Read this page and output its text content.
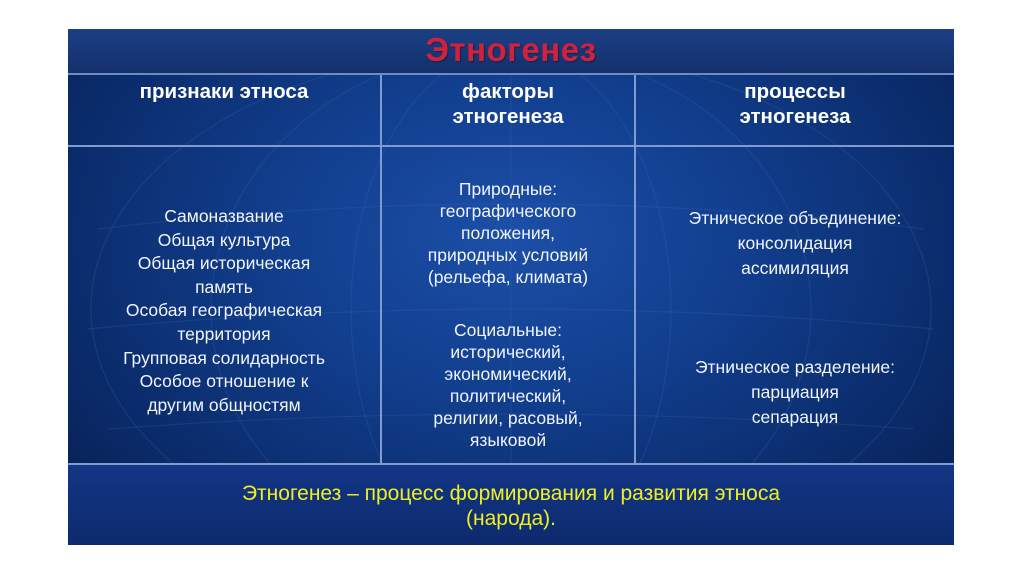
Этногенез
признаки этноса	факторы
этногенеза
процессы
этногенеза
Самоназвание
Общая культура
Общая историческая
память
Особая географическая
территория
Групповая солидарность
Особое отношение к
другим общностям
Природные:
географического
положения,
природных условий
(рельефа, климата)
Социальные:
исторический,
экономический,
политический,
религии, расовый,
языковой
Этническое объединение:
консолидация
ассимиляция
Этническое разделение:
парциация
сепарация
Этногенез – процесс формирования и развития этноса
(народа).
